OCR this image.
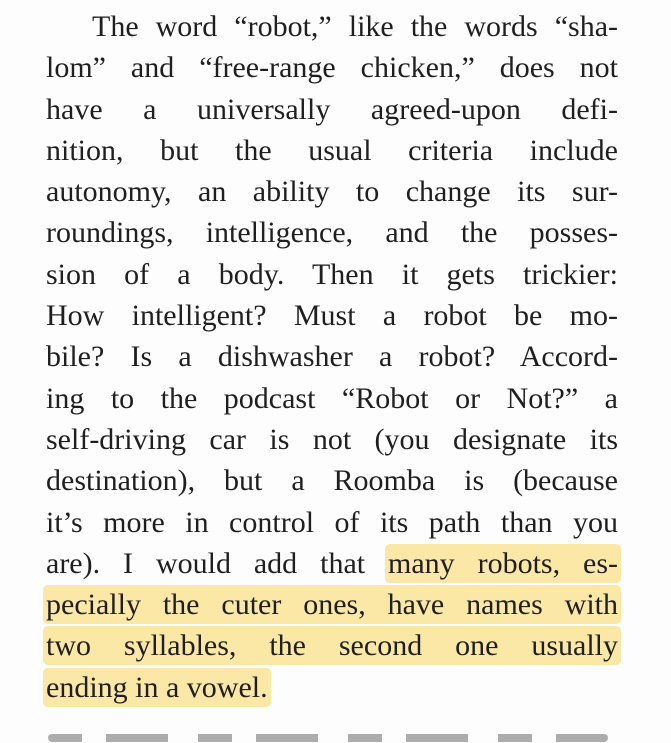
The word “robot,” like the words “sha-
lom” and “free-range chicken,” does not
have a universally agreed-upon defi-
nition, but the usual criteria include
autonomy, an ability to change its sur-
roundings, intelligence, and the posses-
sion of a body. Then it gets trickier:
How intelligent? Must a robot be mo-
bile? Is a dishwasher a robot? Accord-
ing to the podcast “Robot or Not?” a
self-driving car is not (you designate its
destination), but a Roomba is (because
it’s more in control of its path than you
are). I would add that many robots, es-
pecially the cuter ones, have names with
two syllables, the second one usually
ending in a vowel.
